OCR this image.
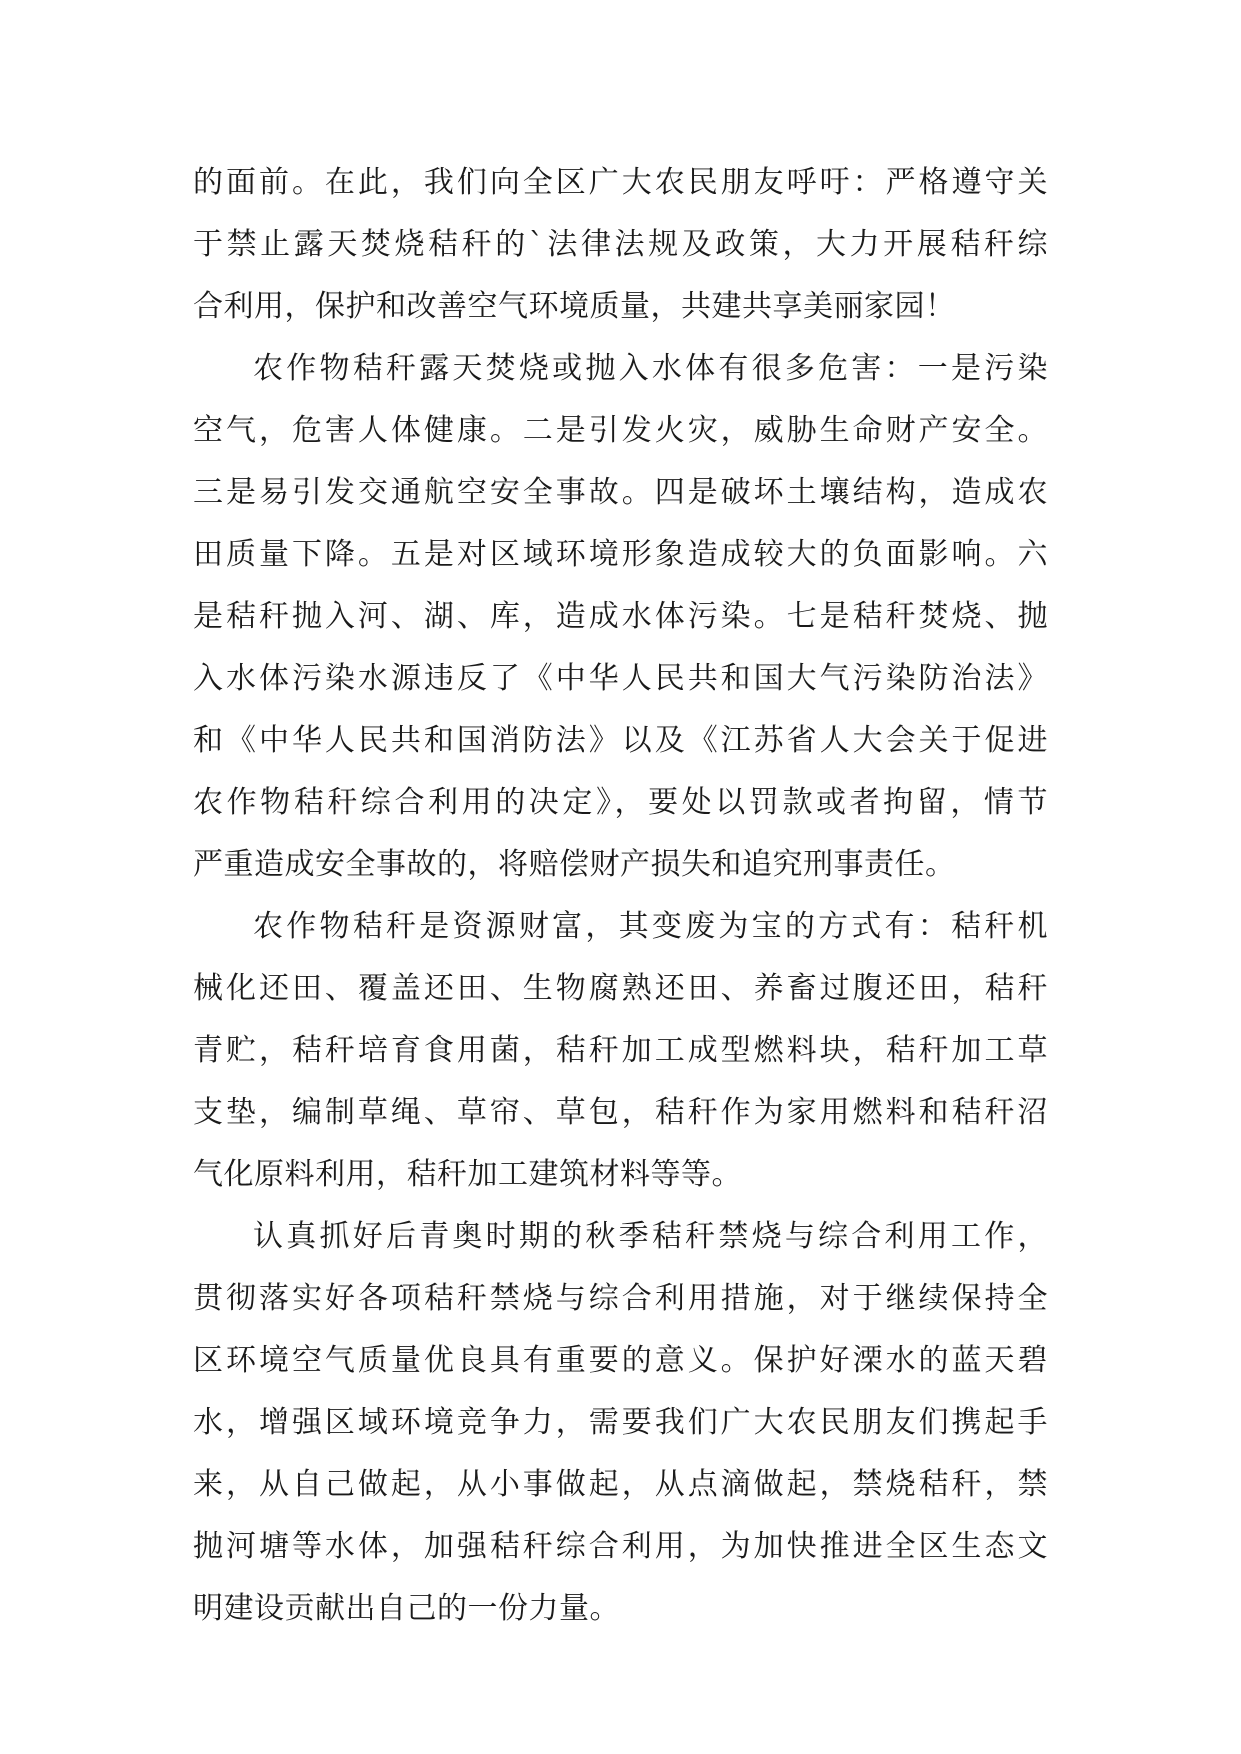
的面前。在此，我们向全区广大农民朋友呼吁：严格遵守关
于禁止露天焚烧秸秆的`法律法规及政策，大力开展秸秆综
合利用，保护和改善空气环境质量，共建共享美丽家园！
农作物秸秆露天焚烧或抛入水体有很多危害：一是污染
空气，危害人体健康。二是引发火灾，威胁生命财产安全。
三是易引发交通航空安全事故。四是破坏土壤结构，造成农
田质量下降。五是对区域环境形象造成较大的负面影响。六
是秸秆抛入河、湖、库，造成水体污染。七是秸秆焚烧、抛
入水体污染水源违反了《中华人民共和国大气污染防治法》
和《中华人民共和国消防法》以及《江苏省人大会关于促进
农作物秸秆综合利用的决定》，要处以罚款或者拘留，情节
严重造成安全事故的，将赔偿财产损失和追究刑事责任。
农作物秸秆是资源财富，其变废为宝的方式有：秸秆机
械化还田、覆盖还田、生物腐熟还田、养畜过腹还田，秸秆
青贮，秸秆培育食用菌，秸秆加工成型燃料块，秸秆加工草
支垫，编制草绳、草帘、草包，秸秆作为家用燃料和秸秆沼
气化原料利用，秸秆加工建筑材料等等。
认真抓好后青奥时期的秋季秸秆禁烧与综合利用工作，
贯彻落实好各项秸秆禁烧与综合利用措施，对于继续保持全
区环境空气质量优良具有重要的意义。保护好溧水的蓝天碧
水，增强区域环境竞争力，需要我们广大农民朋友们携起手
来，从自己做起，从小事做起，从点滴做起，禁烧秸秆，禁
抛河塘等水体，加强秸秆综合利用，为加快推进全区生态文
明建设贡献出自己的一份力量。
